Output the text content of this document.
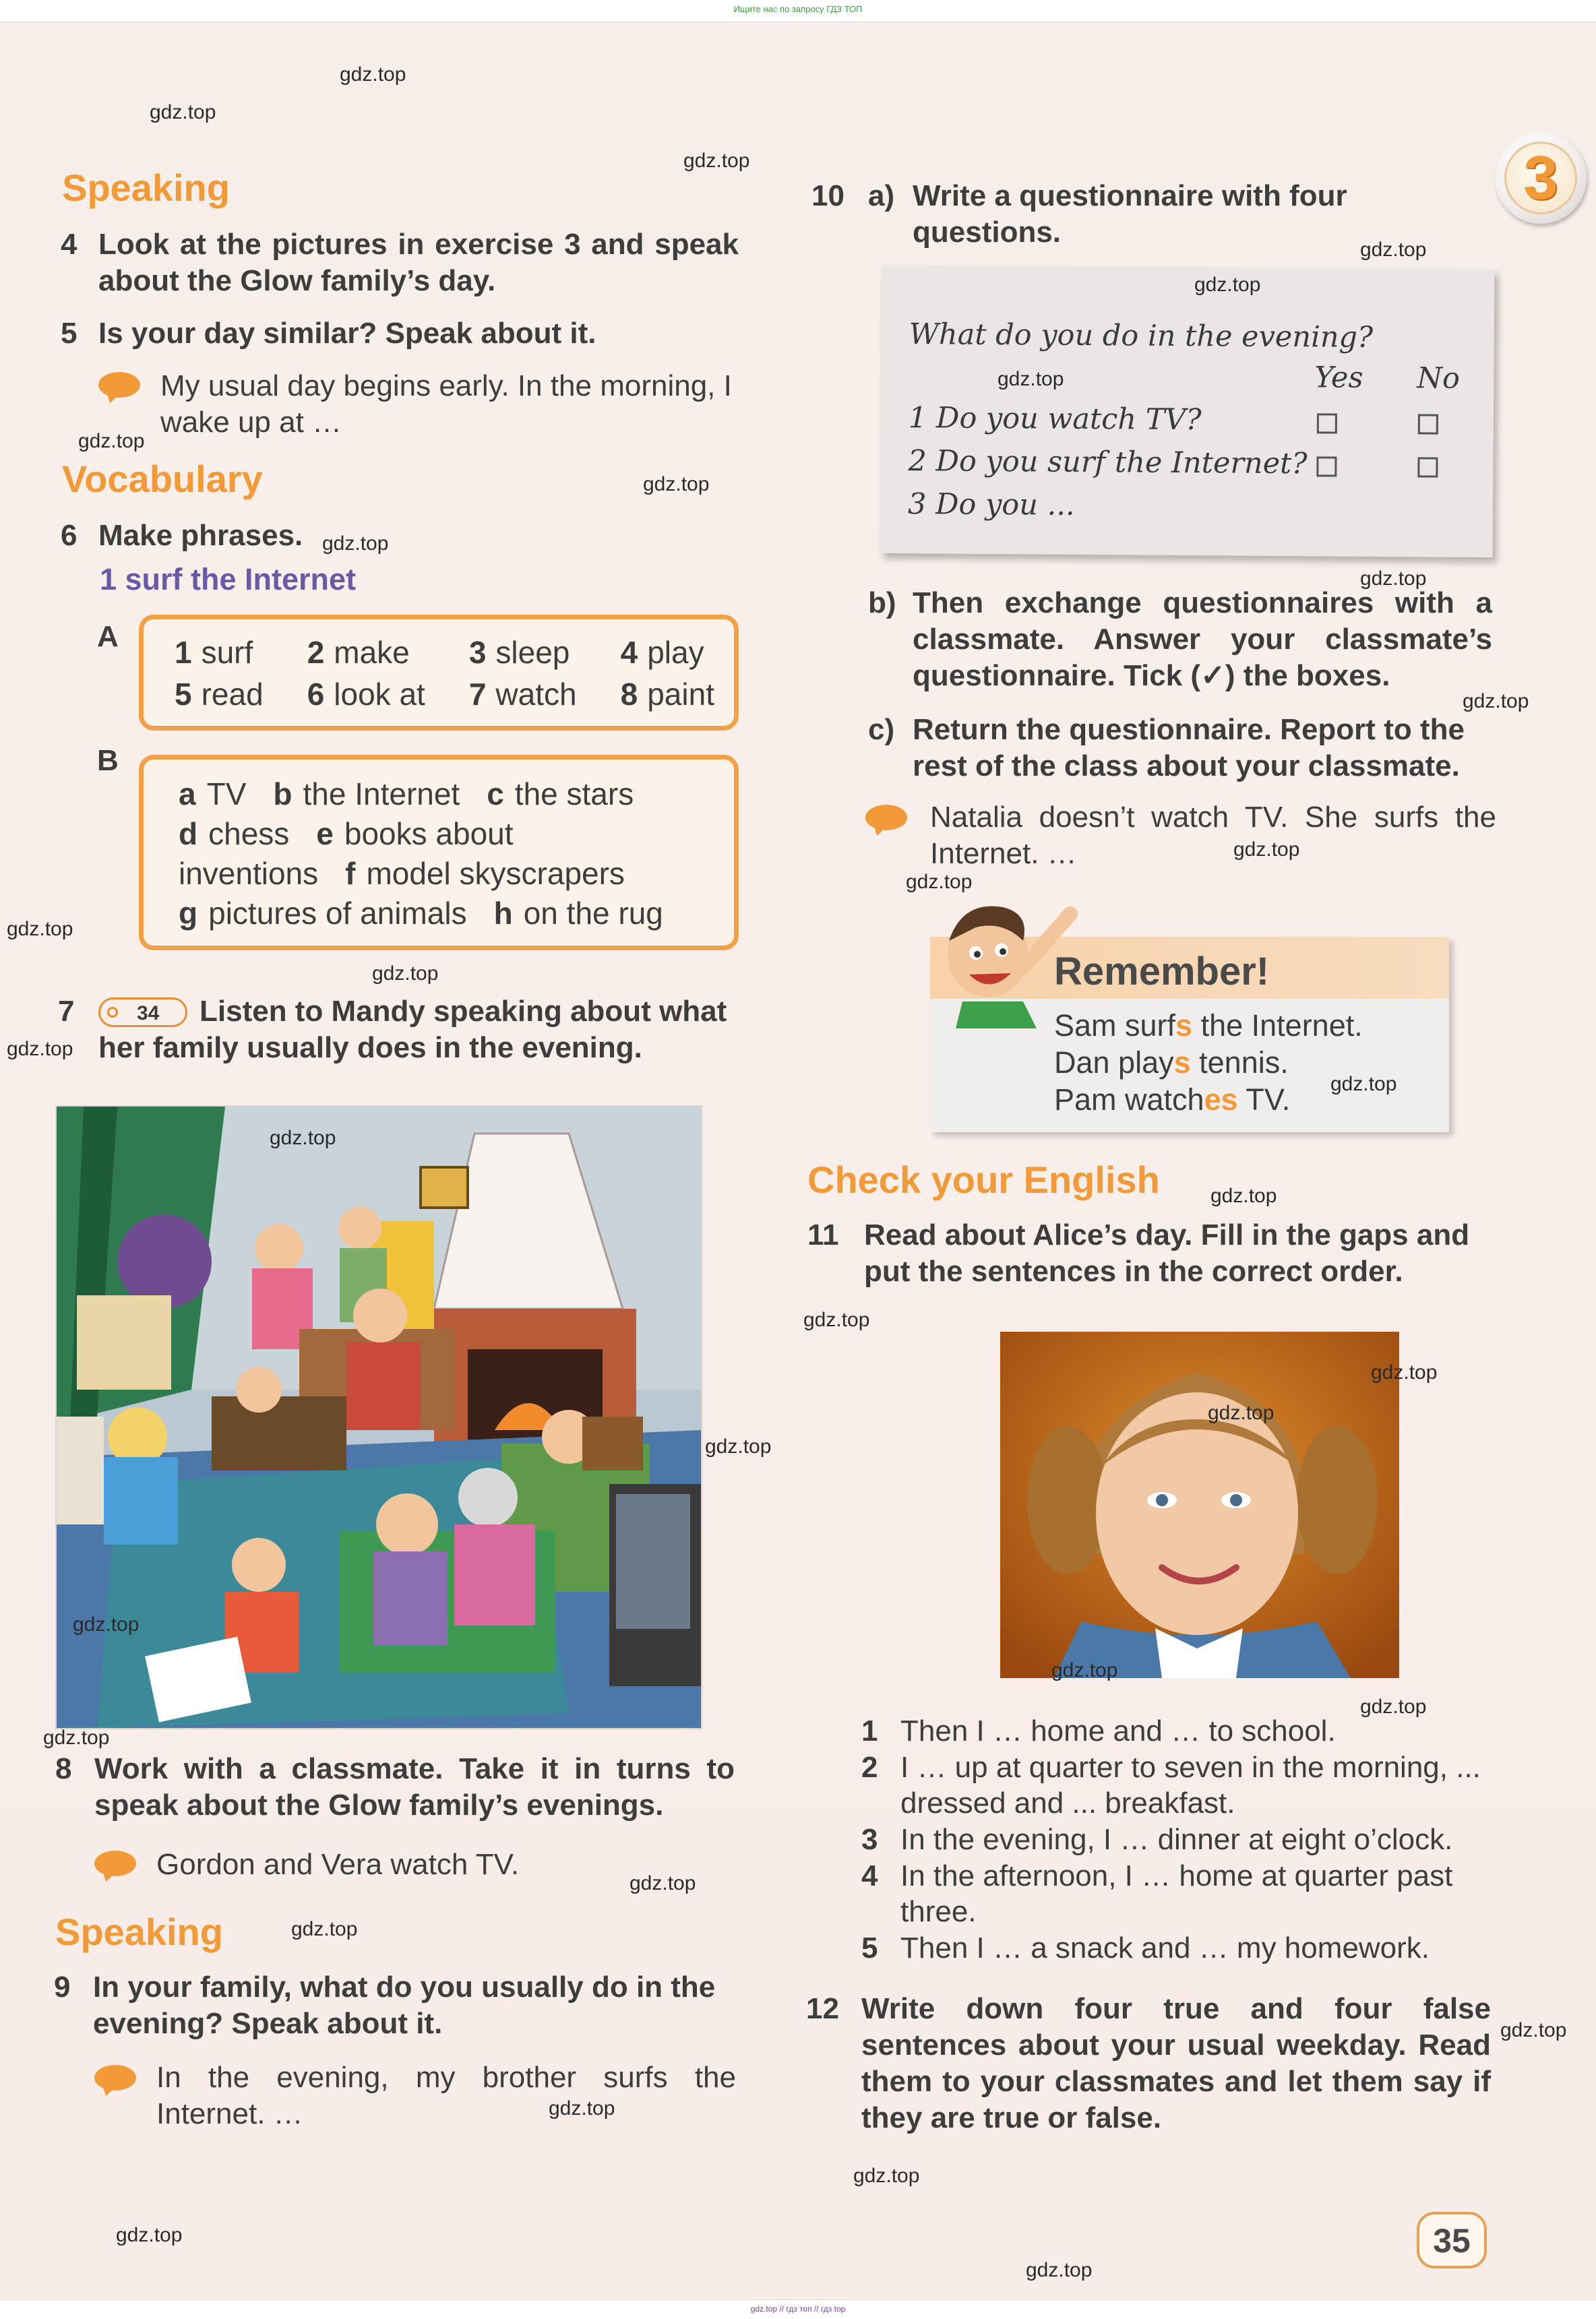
Ищите нас по запросу ГДЗ ТОП
3
Speaking
4 Look at the pictures in exercise 3 and speak about the Glow family’s day.
5 Is your day similar? Speak about it.
My usual day begins early. In the morning, I wake up at …
Vocabulary
6 Make phrases.
1 surf the Internet
A 1 surf	2 make	3 sleep	4 play
5 read	6 look at	7 watch	8 paint
B
a TV b the Internet c the stars
d chess e books about
inventions f model skyscrapers
g pictures of animals h on the rug
7	34	Listen to Mandy speaking about what her family usually does in the evening.
8 Work with a classmate. Take it in turns to speak about the Glow family’s evenings.
Gordon and Vera watch TV.
Speaking
9 In your family, what do you usually do in the evening? Speak about it.
In the evening, my brother surfs the Internet. …
10 a) Write a questionnaire with four questions.
What do you do in the evening?
Yes No
1 Do you watch TV?
2 Do you surf the Internet?
3 Do you ...
b) Then exchange questionnaires with a classmate. Answer your classmate’s questionnaire. Tick (✓) the boxes.
c) Return the questionnaire. Report to the rest of the class about your classmate.
Natalia doesn’t watch TV. She surfs the Internet. …
Remember!
Sam surfs the Internet.
Dan plays tennis.
Pam watches TV.
Check your English
11 Read about Alice’s day. Fill in the gaps and put the sentences in the correct order.
1 Then I … home and … to school.
2 I … up at quarter to seven in the morning, ... dressed and ... breakfast.
3 In the evening, I … dinner at eight o’clock.
4 In the afternoon, I … home at quarter past three.
5 Then I … a snack and … my homework.
12 Write down four true and four false sentences about your usual weekday. Read them to your classmates and let them say if they are true or false.
35
gdz.top
gdz.top
gdz.top
gdz.top
gdz.top
gdz.top
gdz.top
gdz.top
gdz.top
gdz.top
gdz.top
gdz.top
gdz.top
gdz.top
gdz.top
gdz.top
gdz.top
gdz.top
gdz.top
gdz.top
gdz.top
gdz.top
gdz.top
gdz.top
gdz.top
gdz.top
gdz.top
gdz.top
gdz.top
gdz.top
gdz.top
gdz.top
gdz.top
gdz.top
gdz.top // гдз топ // гдз top
